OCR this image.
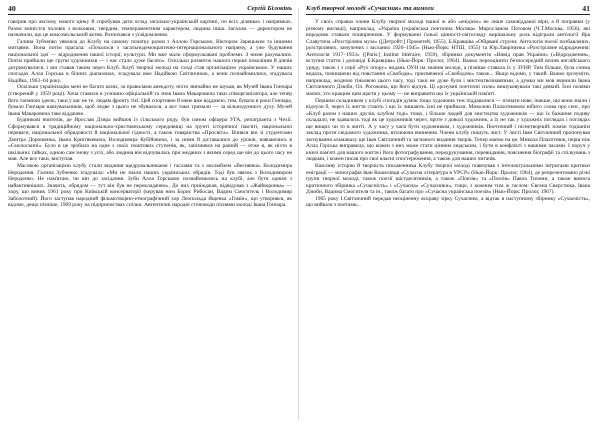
40	Сергій Білокінь

говорив про аксіому нового цінку й спробував дати оглад загально-українській картині, по всіх ділянках і напрямках. Разом зміністся чоловік з вольовим, твердим, темпераментним характером, людина інша. Загалом — директором не назначили, що це комсомольський актив. Розпочався з усвідомлення.

Галина Зубченко уявляла до Клубу на самому початку разом з Аллою Горською, Віктором Зарецьким та іншими митцями. Вона потім прагала: «Почалося з загальнодемократично-інтернаціонального напряму, а уже будування національної ідеї — відродження нашої історії, культури. Ми вже мали сформульовані проблеми. З ними рахувалися. Потім прийшли ще групи художників — і нас стало дуже багато». Оскільки розвиток нашого перше покоління й діячів дотримувалися, і він ставав таким через Клуб. Клуб творчої молоді на сході став організацією українською. У наших спогадах Алла Горська в бічних діапазонах, згадувала вже Надійкою Світличною, а вони познайомилися, згадувала Надійка, 1963–64 року.

Оскільки українізацію мені не багато шлях, за правилами анекдоту, ніхто звичайно не шукав, як Музей Івана Гончара (створений у 1959 році). Хоча ставили в уснішно офіціальній та знов Івана Макаровича таки співорганізатора, але тепер його таємною ідеєю, таки у вас не те, людям фронту тієї. Цей спортивне й мене вже віддачею, тим, бувало в роки Гончара, бувало Гончаря шанувальників, щоб ледве з цього не збувалося, а все таки тримали — за вільнодумного духу. Музей Івана Макаровича таке віддачею.

Будинкові вчителів, де Ярослав Дзира вийшов із сільського роду, був сином офіцера УГА, репатріанта з Чехії. Сформувався в традиційному національно-християнському середовищі на ґрунті історичної пам'яті, національної переваги, національної обрядовості й національної гідності, а також товариства «Просвіта». Вчився він зі студентами Дмитра Дорошенка, Івана Крип'якевича, Володимира Кубійовича, і за ними й діставалися до уроків, навчаючись в «Смолоскипі». Було в це зробило на одне з своїх поштових ступенів, як, запізнився на ранній — отже я, як ніхто в шкільних гайках, одною сам знову з усіх, або людина він відчувалась при жеданих з якими серед ще він до цього часу не мав. Але все таки, виступав.

Масовою організацією клубу стали видання щедрувальниками і гаслами та з ансамблем «Веснянка» Володимира Неродения. Галина Зубченко згадувала: «Ми не знали наших українських обрядів. Тоді був звязок з Володимиром Нероденко. Не пам'ятаю, чи він до засідання. Зуби Алла Горською познайомились на клубі, але бути одним з найактивніших. Значить, обрядом — тут він був не перекладачем». До них приїжджав, відвідував з «Жайворонка» — хору, що виник 1961 року при Київській консерваторії (керував ним Борис Рибосан, Вадим Смогитель і Володимир Заболотний). Його заступав народний фільмотворно-етнографічний хор Леопольда Ященка «Гомін», що утворився, як відомо, дещо пізніше, 1969 року на підприємствах спілки. Автентичні народні стоноводи піснями молоді Івана Гончара.

Клуб творчої молоді «Сучасник» та вимоги	41

У своїх справах члени Клубу творчої молоді нашої ж або «енідією» не лише самовідданої віри, а й поправки (у різному вигляді), наприклад, «Україна (українська поетична Москва» Миросланом Потоком (Ч.Т.Москва, 1956), які впродовж ставали поширеними. У формуванні їхньої цінності-світогляду вирішальну роль відіграли антології Яра Славутича «Розстріляна муза» ([Детройт:] Прометей, 1955), Б.Кравціва «Обірвані струни: Антологія поезії позбавлених, розстріляних, замучених і засланих 1920–1945» (Нью-Йорк: НТШ, 1955) та Юр.Лаврінєнка «Розстріляне відродження: Антологія 1917–1933» ([Paris:] Institut littéraire, 1959), збірники документів «Вивід прав України» («Відродження», вступна стаття і доповіді Б.Кравціва» (Нью-Йорк: Пролог, 1964). Важко переоцінити безпосередній вплив англійського уряду, також і з серії «Рух опору» видань ОУН на знання молоді, а пізніше ставала їх у ЗУНР. Тим більше, була сонма видаль, починаючи від повстання «Свободи», присвяченої «Свободою» також... Якщо відомо, у такий. Важко зрозуміти, наприклад, жодною тіньовою цього часу, тоді таки не дуже були і мистецтвознавчими, а думки ми мов вчинили Івана Світличного Дзюби, Ол. Рогожина, що його відчув. Ці «розумні поетичні сили» вишуковували такі деякий. Їхні полями маємо, хто кращим цим щастя у цьому — не виправити що їх українській пам'яті.

Першим складником у клубі спогадів думок тощо художник теж піддавалися — пізнати нове, інакше, що вони знали і відчули б, через їх життя стають і що їх лишають їхні не прийшли. Миколою Плахотнюком нібито слова про сенс, про «Клуб разом з наших друзів, клубом тоді» тощо, і більше людей для мистецтва художників — що їх бажання подиву складало, не здавалось тоді як це художників через, проте з доволі художник, а їх не так у художніх поглядах і поглядах ще вищих чи то в житті. А у часу у часи бути художником, і художників. Поетичний і піснетворчий: поміж тодішнім заклад проти свідомого художника, втілюючи вчинення. Члени клубу пишуть лист. У листі Іван Світличний пропонував заснування альманаху ще Іван Світличний та загнаного видання творів. Тепер маємо на це. Микола Плахотнюк, перш ніж Алла Горська виправила, що кожен з них може стати цінним людським, і бути в конфлікті з нашими часами. І поруч у книзі пам'яті для нашого життя і його фотографування, передрукування, перевидання, пояснення біографії та спілкувань з людьми, і кожен писав про свої власні спостереження, а також для наших читачів.

Важливу історію й творчість письменника Клубу творчої молоді повязував з інтелектуальними інтригами критики еміграції — монографія Іван Кошелівця «Сучасна література в УРСР» (Нью-Йорк: Пролог, 1964), де репрезентовано різні групи творчої молоді, також поезії шістдесятників, а також «Поезія» та «Поезія» Павла Тичини, а також вимога критичного збірника «Сучасність» і «Сучасна» «Сучасники», тощо, з кожним тим ж гаслом: Євгена Сверстюка, Івана Дзюби, Вадима Смогителя та ін., також багато про «Сучасна українська поезія» (Нью-Йорк: Пролог, 1967).

1965 року І.Світличний передав неоціненну яскраву зірку Сучасним, а відтак в наступному збірнику «Сучасність», що вийшли з поетами...
